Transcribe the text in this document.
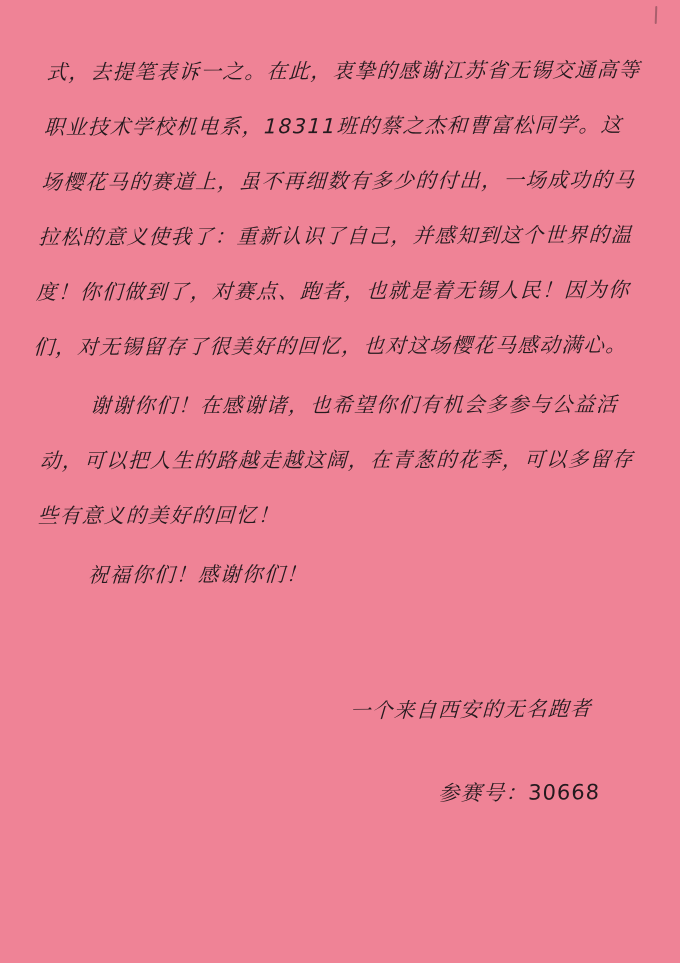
式，去提笔表诉一之。在此，衷挚的感谢江苏省无锡交通高等职业技术学校机电系，18311班的蔡之杰和曹富松同学。这场樱花马的赛道上，虽不再细数有多少的付出，一场成功的马拉松的意义使我了：重新认识了自己，并感知到这个世界的温度！你们做到了，对赛点、跑者，也就是着无锡人民！因为你们，对无锡留存了很美好的回忆，也对这场樱花马感动满心。
谢谢你们！在感谢诸，也希望你们有机会多参与公益活动，可以把人生的路越走越这阔，在青葱的花季，可以多留存些有意义的美好的回忆！
祝福你们！感谢你们！
一个来自西安的无名跑者
参赛号：30668
